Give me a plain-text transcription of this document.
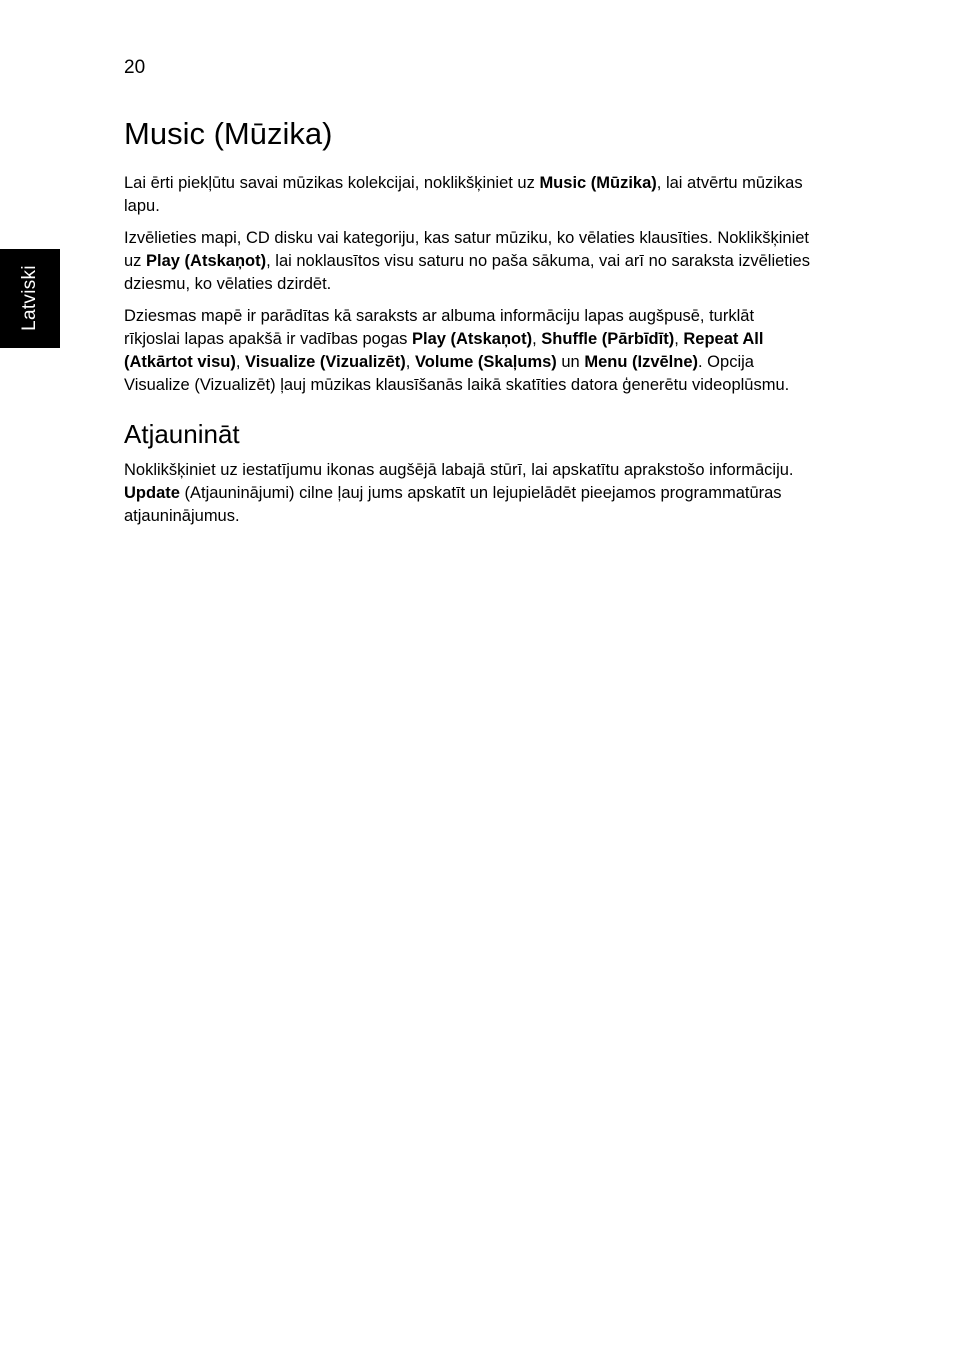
20
Latviski
Music (Mūzika)

Lai ērti piekļūtu savai mūzikas kolekcijai, noklikšķiniet uz Music (Mūzika), lai atvērtu mūzikas lapu.

Izvēlieties mapi, CD disku vai kategoriju, kas satur mūziku, ko vēlaties klausīties. Noklikšķiniet uz Play (Atskaņot), lai noklausītos visu saturu no paša sākuma, vai arī no saraksta izvēlieties dziesmu, ko vēlaties dzirdēt.

Dziesmas mapē ir parādītas kā saraksts ar albuma informāciju lapas augšpusē, turklāt rīkjoslai lapas apakšā ir vadības pogas Play (Atskaņot), Shuffle (Pārbīdīt), Repeat All (Atkārtot visu), Visualize (Vizualizēt), Volume (Skaļums) un Menu (Izvēlne). Opcija Visualize (Vizualizēt) ļauj mūzikas klausīšanās laikā skatīties datora ģenerētu videoplūsmu.

Atjaunināt

Noklikšķiniet uz iestatījumu ikonas augšējā labajā stūrī, lai apskatītu aprakstošo informāciju. Update (Atjauninājumi) cilne ļauj jums apskatīt un lejupielādēt pieejamos programmatūras atjauninājumus.
